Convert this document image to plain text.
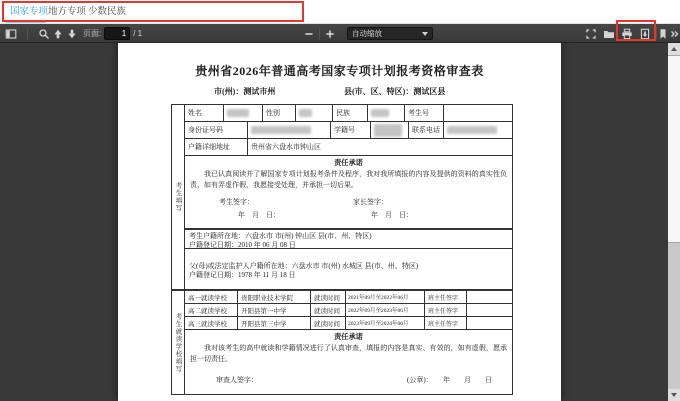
国家专项 地方专项 少数民族
页面:
1	/ 1	自动缩放
贵州省2026年普通高考国家专项计划报考资格审查表
市(州)：测试市州	县(市、区、特区)：测试区县
考生填写
考生就读学校填写
姓名	性别	民族	考生号
身份证号码	学籍号	联系电话
户籍详细地址	贵州省六盘水市钟山区
责任承诺
我已认真阅读并了解国家专项计划报考条件及程序，我对我所填报的内容及提供的资料的真实性负责，如有弄虚作假，我愿接受处理，并承担一切后果。
考生签字：	家长签字：
年　月　日：	年　月　日：
考生户籍所在地：六盘水市 市(州) 钟山区 县(市、州、特区)
户籍登记日期：2010 年 06 月 08 日
父(母)或法定监护人户籍所在地：六盘水市 市(州) 水城区 县(市、州、特区)
户籍登记日期：1978 年 11 月 18 日
高一就读学校	贵阳职业技术学院	就读时间	2021年09月至2022年06月	班主任签字
高二就读学校	开阳县第一中学	就读时间	2022年09月至2023年06月	班主任签字
高三就读学校	开阳县第三中学	就读时间	2023年09月至2024年06月	班主任签字
责任承诺
我对该考生的高中就读和学籍情况进行了认真审查，填报的内容是真实、有效的，如有虚假，愿承担一切责任。
审查人签字：	(公章)： 年　　月　　日
